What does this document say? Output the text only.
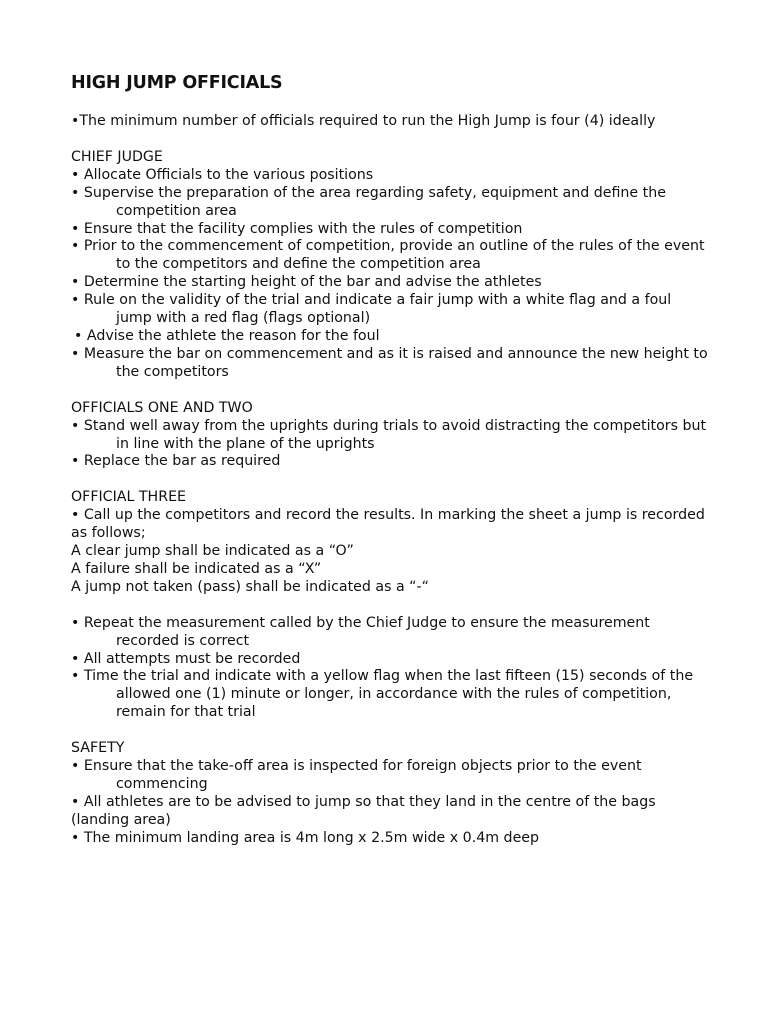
HIGH JUMP OFFICIALS

•The minimum number of officials required to run the High Jump is four (4) ideally

CHIEF JUDGE

• Allocate Officials to the various positions

• Supervise the preparation of the area regarding safety, equipment and define the competition area

• Ensure that the facility complies with the rules of competition

• Prior to the commencement of competition, provide an outline of the rules of the event to the competitors and define the competition area

• Determine the starting height of the bar and advise the athletes

• Rule on the validity of the trial and indicate a fair jump with a white flag and a foul jump with a red flag (flags optional)

• Advise the athlete the reason for the foul

• Measure the bar on commencement and as it is raised and announce the new height to the competitors

OFFICIALS ONE AND TWO

• Stand well away from the uprights during trials to avoid distracting the competitors but in line with the plane of the uprights

• Replace the bar as required

OFFICIAL THREE

• Call up the competitors and record the results. In marking the sheet a jump is recorded as follows;

A clear jump shall be indicated as a “O”

A failure shall be indicated as a “X”

A jump not taken (pass) shall be indicated as a “-“

• Repeat the measurement called by the Chief Judge to ensure the measurement recorded is correct

• All attempts must be recorded

• Time the trial and indicate with a yellow flag when the last fifteen (15) seconds of the allowed one (1) minute or longer, in accordance with the rules of competition, remain for that trial

SAFETY

• Ensure that the take-off area is inspected for foreign objects prior to the event commencing

• All athletes are to be advised to jump so that they land in the centre of the bags (landing area)

• The minimum landing area is 4m long x 2.5m wide x 0.4m deep
